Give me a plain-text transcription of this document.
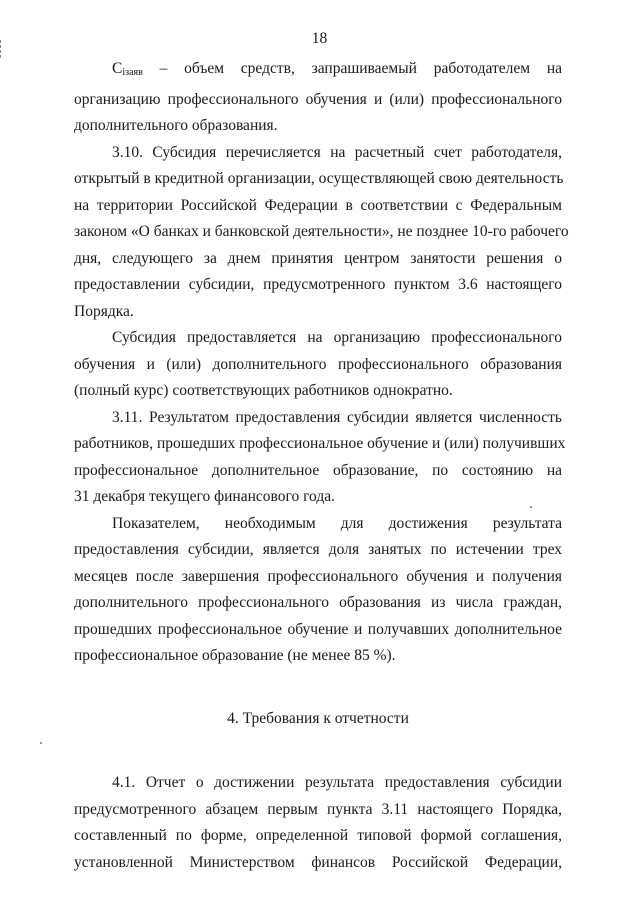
18
$С_{iзаяв}$ – объем средств, запрашиваемый работодателем на
организацию профессионального обучения и (или) профессионального
дополнительного образования.
3.10. Субсидия перечисляется на расчетный счет работодателя,
открытый в кредитной организации, осуществляющей свою деятельность
на территории Российской Федерации в соответствии с Федеральным
законом «О банках и банковской деятельности», не позднее 10-го рабочего
дня, следующего за днем принятия центром занятости решения о
предоставлении субсидии, предусмотренного пунктом 3.6 настоящего
Порядка.
Субсидия предоставляется на организацию профессионального
обучения и (или) дополнительного профессионального образования
(полный курс) соответствующих работников однократно.
3.11. Результатом предоставления субсидии является численность
работников, прошедших профессиональное обучение и (или) получивших
профессиональное дополнительное образование, по состоянию на
31 декабря текущего финансового года.
Показателем, необходимым для достижения результата
предоставления субсидии, является доля занятых по истечении трех
месяцев после завершения профессионального обучения и получения
дополнительного профессионального образования из числа граждан,
прошедших профессиональное обучение и получавших дополнительное
профессиональное образование (не менее 85 %).
4. Требования к отчетности
4.1. Отчет о достижении результата предоставления субсидии
предусмотренного абзацем первым пункта 3.11 настоящего Порядка,
составленный по форме, определенной типовой формой соглашения,
установленной Министерством финансов Российской Федерации,
